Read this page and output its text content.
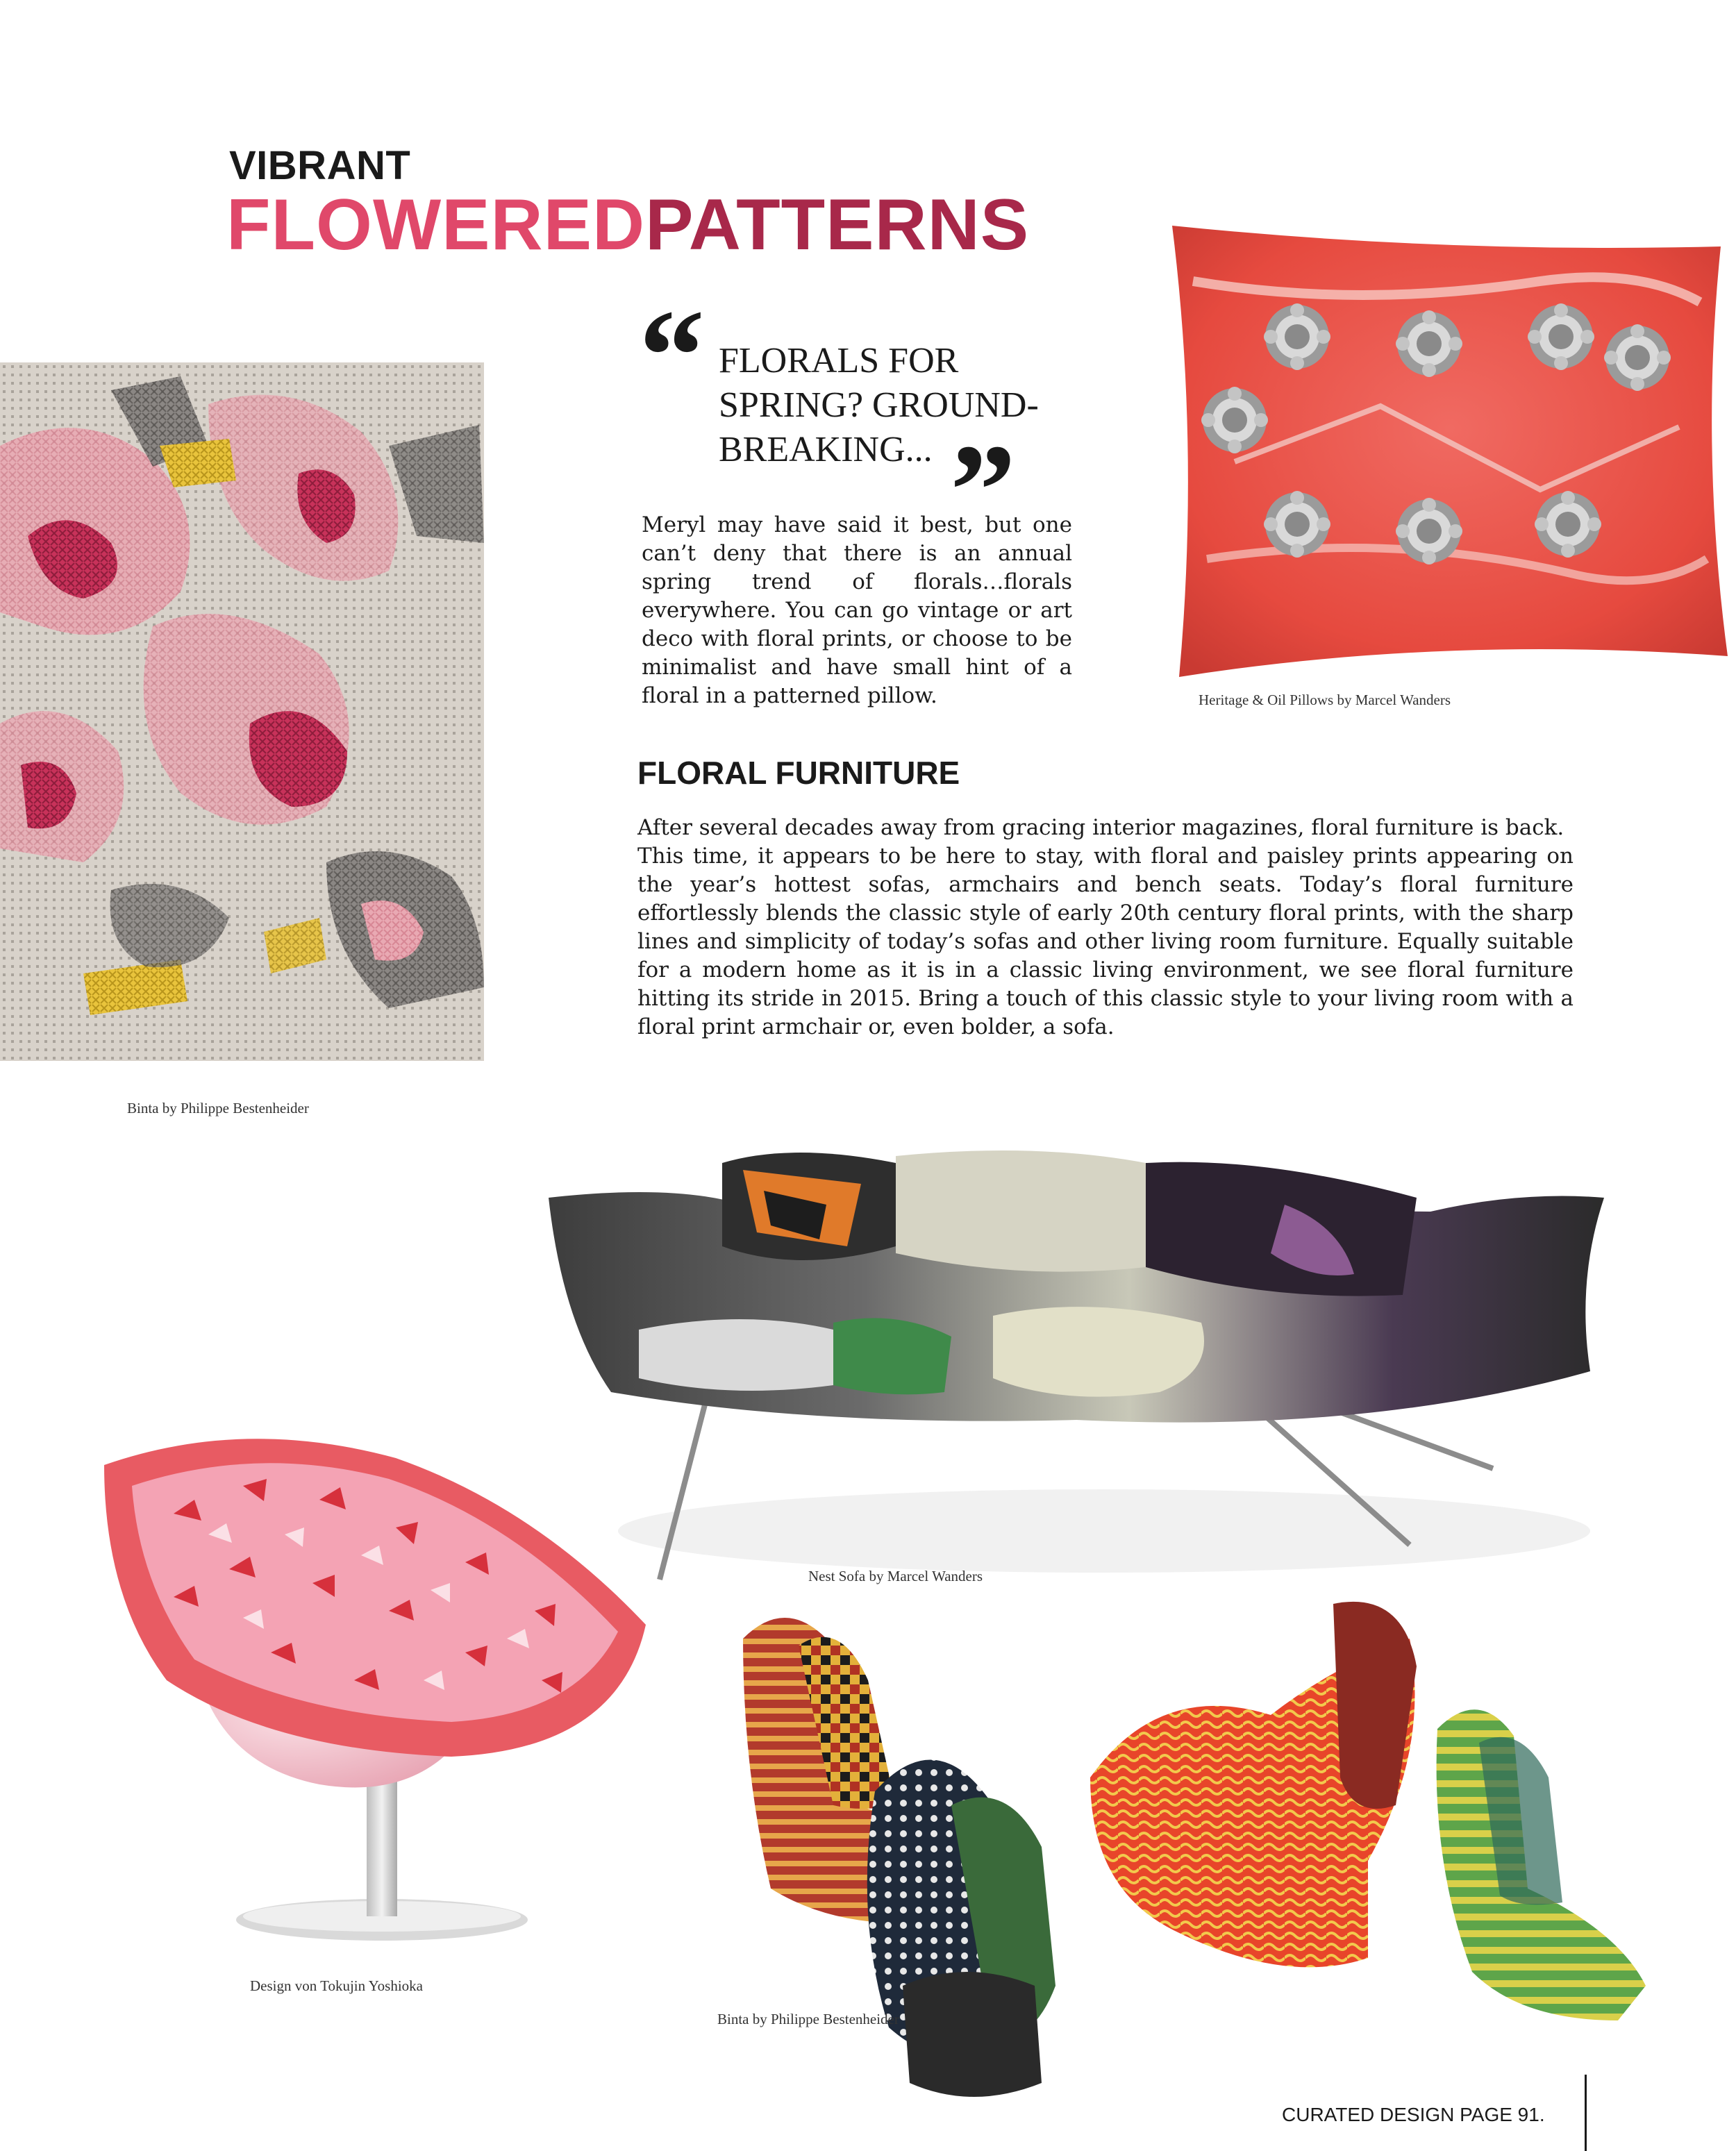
VIBRANT
FLOWEREDPATTERNS
“ FLORALS FOR SPRING? GROUND-BREAKING... ”
Meryl may have said it best, but one can’t deny that there is an annual spring trend of florals…florals everywhere. You can go vintage or art deco with floral prints, or choose to be minimalist and have small hint of a floral in a patterned pillow.	Heritage & Oil Pillows by Marcel Wanders
FLORAL FURNITURE

After several decades away from gracing interior magazines, floral furniture is back.

This time, it appears to be here to stay, with floral and paisley prints appearing on the year’s hottest sofas, armchairs and bench seats. Today’s floral furniture effortlessly blends the classic style of early 20th century floral prints, with the sharp lines and simplicity of today’s sofas and other living room furniture. Equally suitable for a modern home as it is in a classic living environment, we see floral furniture hitting its stride in 2015. Bring a touch of this classic style to your living room with a floral print armchair or, even bolder, a sofa.

Binta by Philippe Bestenheider
Nest Sofa by Marcel Wanders
Design von Tokujin Yoshioka
Binta by Philippe Bestenheider
CURATED DESIGN PAGE 91.
